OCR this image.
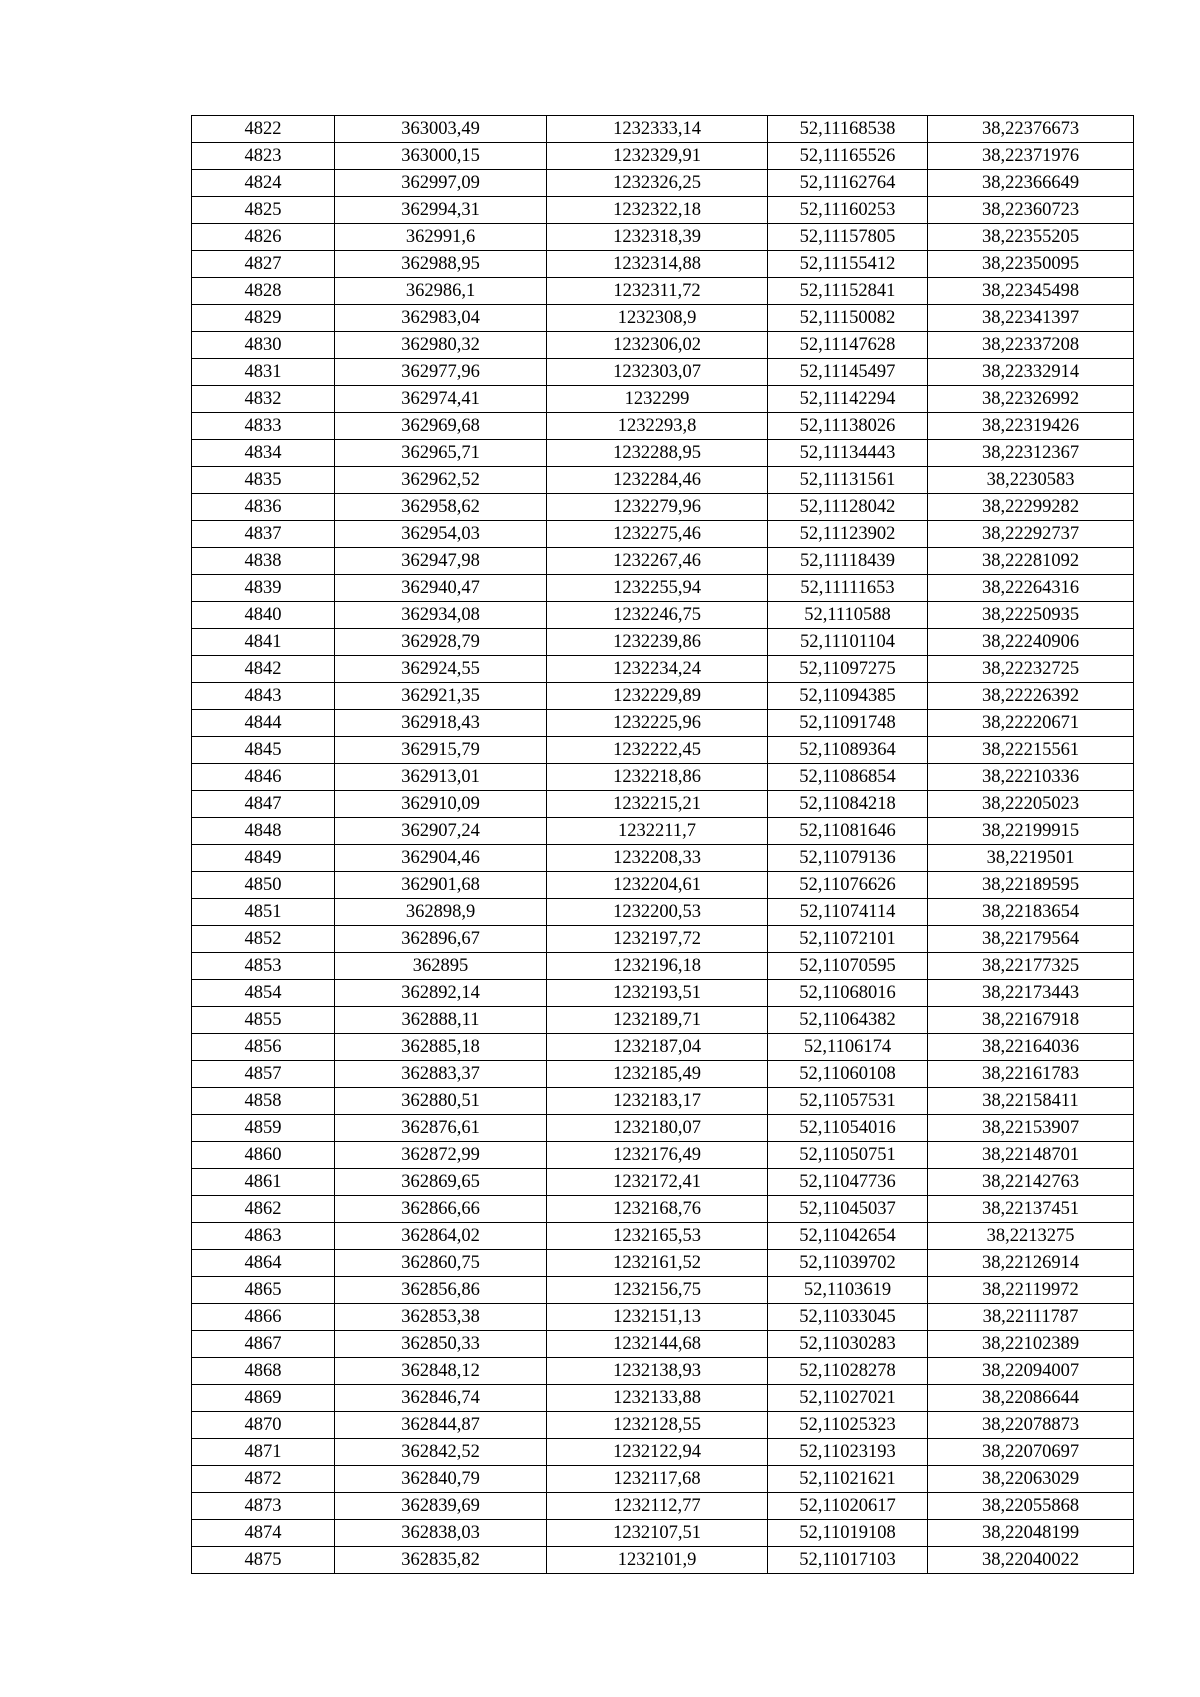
4822	363003,49	1232333,14	52,11168538	38,22376673
4823	363000,15	1232329,91	52,11165526	38,22371976
4824	362997,09	1232326,25	52,11162764	38,22366649
4825	362994,31	1232322,18	52,11160253	38,22360723
4826	362991,6	1232318,39	52,11157805	38,22355205
4827	362988,95	1232314,88	52,11155412	38,22350095
4828	362986,1	1232311,72	52,11152841	38,22345498
4829	362983,04	1232308,9	52,11150082	38,22341397
4830	362980,32	1232306,02	52,11147628	38,22337208
4831	362977,96	1232303,07	52,11145497	38,22332914
4832	362974,41	1232299	52,11142294	38,22326992
4833	362969,68	1232293,8	52,11138026	38,22319426
4834	362965,71	1232288,95	52,11134443	38,22312367
4835	362962,52	1232284,46	52,11131561	38,2230583
4836	362958,62	1232279,96	52,11128042	38,22299282
4837	362954,03	1232275,46	52,11123902	38,22292737
4838	362947,98	1232267,46	52,11118439	38,22281092
4839	362940,47	1232255,94	52,11111653	38,22264316
4840	362934,08	1232246,75	52,1110588	38,22250935
4841	362928,79	1232239,86	52,11101104	38,22240906
4842	362924,55	1232234,24	52,11097275	38,22232725
4843	362921,35	1232229,89	52,11094385	38,22226392
4844	362918,43	1232225,96	52,11091748	38,22220671
4845	362915,79	1232222,45	52,11089364	38,22215561
4846	362913,01	1232218,86	52,11086854	38,22210336
4847	362910,09	1232215,21	52,11084218	38,22205023
4848	362907,24	1232211,7	52,11081646	38,22199915
4849	362904,46	1232208,33	52,11079136	38,2219501
4850	362901,68	1232204,61	52,11076626	38,22189595
4851	362898,9	1232200,53	52,11074114	38,22183654
4852	362896,67	1232197,72	52,11072101	38,22179564
4853	362895	1232196,18	52,11070595	38,22177325
4854	362892,14	1232193,51	52,11068016	38,22173443
4855	362888,11	1232189,71	52,11064382	38,22167918
4856	362885,18	1232187,04	52,1106174	38,22164036
4857	362883,37	1232185,49	52,11060108	38,22161783
4858	362880,51	1232183,17	52,11057531	38,22158411
4859	362876,61	1232180,07	52,11054016	38,22153907
4860	362872,99	1232176,49	52,11050751	38,22148701
4861	362869,65	1232172,41	52,11047736	38,22142763
4862	362866,66	1232168,76	52,11045037	38,22137451
4863	362864,02	1232165,53	52,11042654	38,2213275
4864	362860,75	1232161,52	52,11039702	38,22126914
4865	362856,86	1232156,75	52,1103619	38,22119972
4866	362853,38	1232151,13	52,11033045	38,22111787
4867	362850,33	1232144,68	52,11030283	38,22102389
4868	362848,12	1232138,93	52,11028278	38,22094007
4869	362846,74	1232133,88	52,11027021	38,22086644
4870	362844,87	1232128,55	52,11025323	38,22078873
4871	362842,52	1232122,94	52,11023193	38,22070697
4872	362840,79	1232117,68	52,11021621	38,22063029
4873	362839,69	1232112,77	52,11020617	38,22055868
4874	362838,03	1232107,51	52,11019108	38,22048199
4875	362835,82	1232101,9	52,11017103	38,22040022
